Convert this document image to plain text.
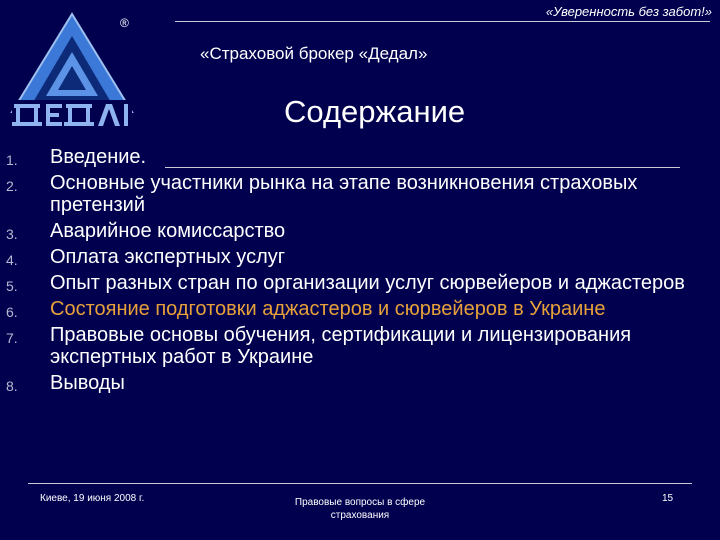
«Уверенность без забот!»
®
«Страховой брокер «Дедал»
Содержание
1. Введение.
2. Основные участники рынка на этапе возникновения страховых претензий
3. Аварийное комиссарство
4. Оплата экспертных услуг
5. Опыт разных стран по организации услуг сюрвейеров и аджастеров
6. Состояние подготовки аджастеров и сюрвейеров в Украине
7. Правовые основы обучения, сертификации и лицензирования экспертных работ в Украине
8. Выводы
Киеве, 19 июня 2008 г.	Правовые вопросы в сфере страхования
15
